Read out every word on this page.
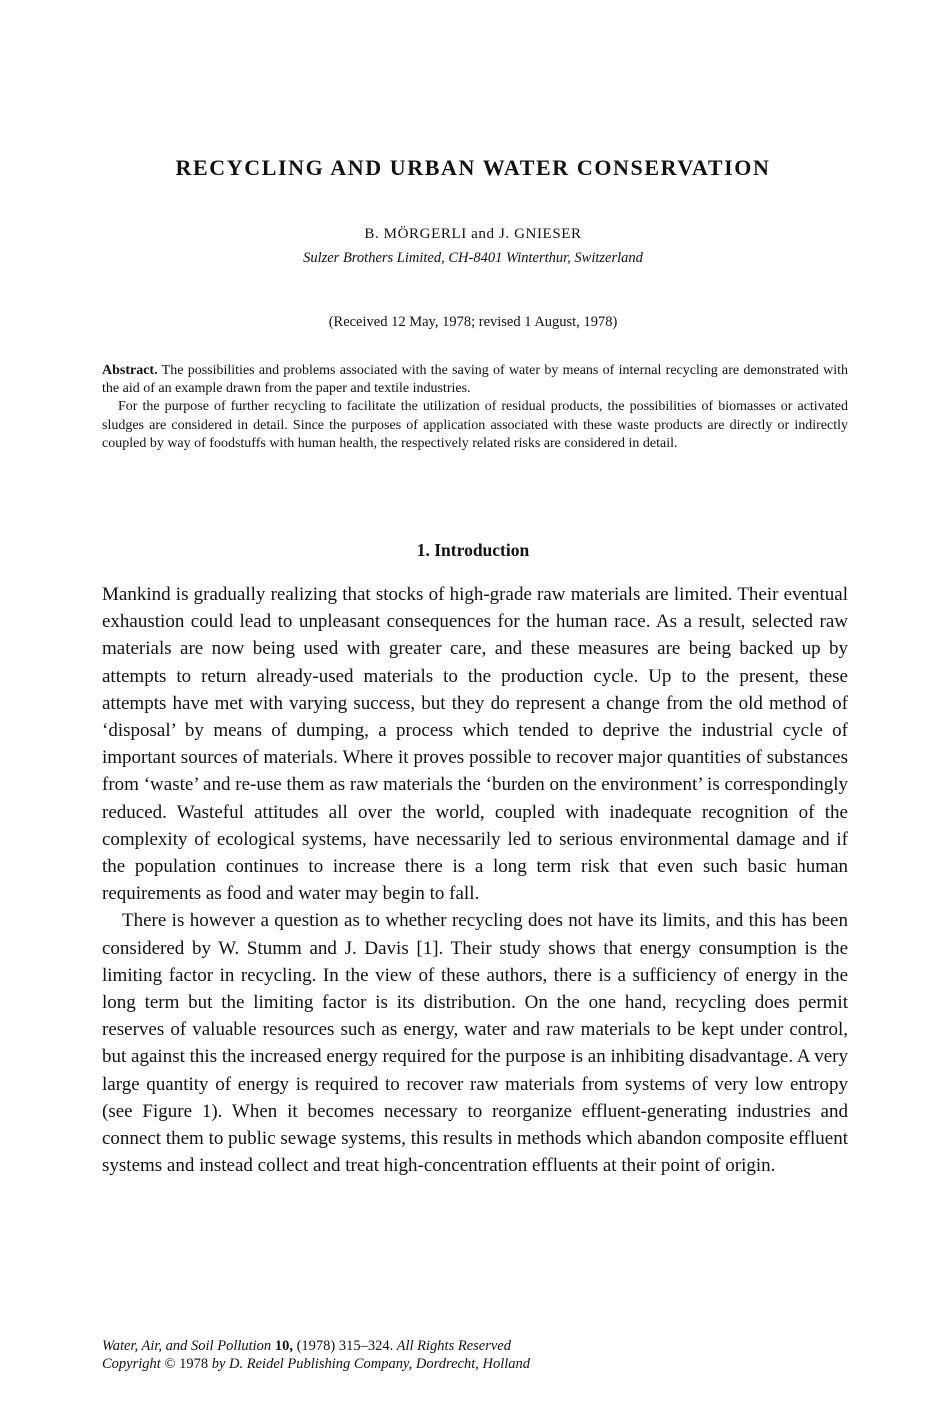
RECYCLING AND URBAN WATER CONSERVATION
B. MÖRGERLI and J. GNIESER
Sulzer Brothers Limited, CH-8401 Winterthur, Switzerland
(Received 12 May, 1978; revised 1 August, 1978)

Abstract. The possibilities and problems associated with the saving of water by means of internal recycling are demonstrated with the aid of an example drawn from the paper and textile industries.

For the purpose of further recycling to facilitate the utilization of residual products, the possibilities of biomasses or activated sludges are considered in detail. Since the purposes of application associated with these waste products are directly or indirectly coupled by way of foodstuffs with human health, the respectively related risks are considered in detail.

1. Introduction

Mankind is gradually realizing that stocks of high-grade raw materials are limited. Their eventual exhaustion could lead to unpleasant consequences for the human race. As a result, selected raw materials are now being used with greater care, and these measures are being backed up by attempts to return already-used materials to the production cycle. Up to the present, these attempts have met with varying success, but they do represent a change from the old method of ‘disposal’ by means of dumping, a process which tended to deprive the industrial cycle of important sources of materials. Where it proves possible to recover major quantities of substances from ‘waste’ and re-use them as raw materials the ‘burden on the environment’ is correspondingly reduced. Wasteful attitudes all over the world, coupled with inadequate recognition of the complexity of ecological systems, have necessarily led to serious environmental damage and if the population continues to increase there is a long term risk that even such basic human requirements as food and water may begin to fall.

There is however a question as to whether recycling does not have its limits, and this has been considered by W. Stumm and J. Davis [1]. Their study shows that energy consumption is the limiting factor in recycling. In the view of these authors, there is a sufficiency of energy in the long term but the limiting factor is its distribution. On the one hand, recycling does permit reserves of valuable resources such as energy, water and raw materials to be kept under control, but against this the increased energy required for the purpose is an inhibiting disadvantage. A very large quantity of energy is required to recover raw materials from systems of very low entropy (see Figure 1). When it becomes necessary to reorganize effluent-generating industries and connect them to public sewage systems, this results in methods which abandon composite effluent systems and instead collect and treat high-concentration effluents at their point of origin.

Water, Air, and Soil Pollution 10, (1978) 315–324. All Rights Reserved
Copyright © 1978 by D. Reidel Publishing Company, Dordrecht, Holland
